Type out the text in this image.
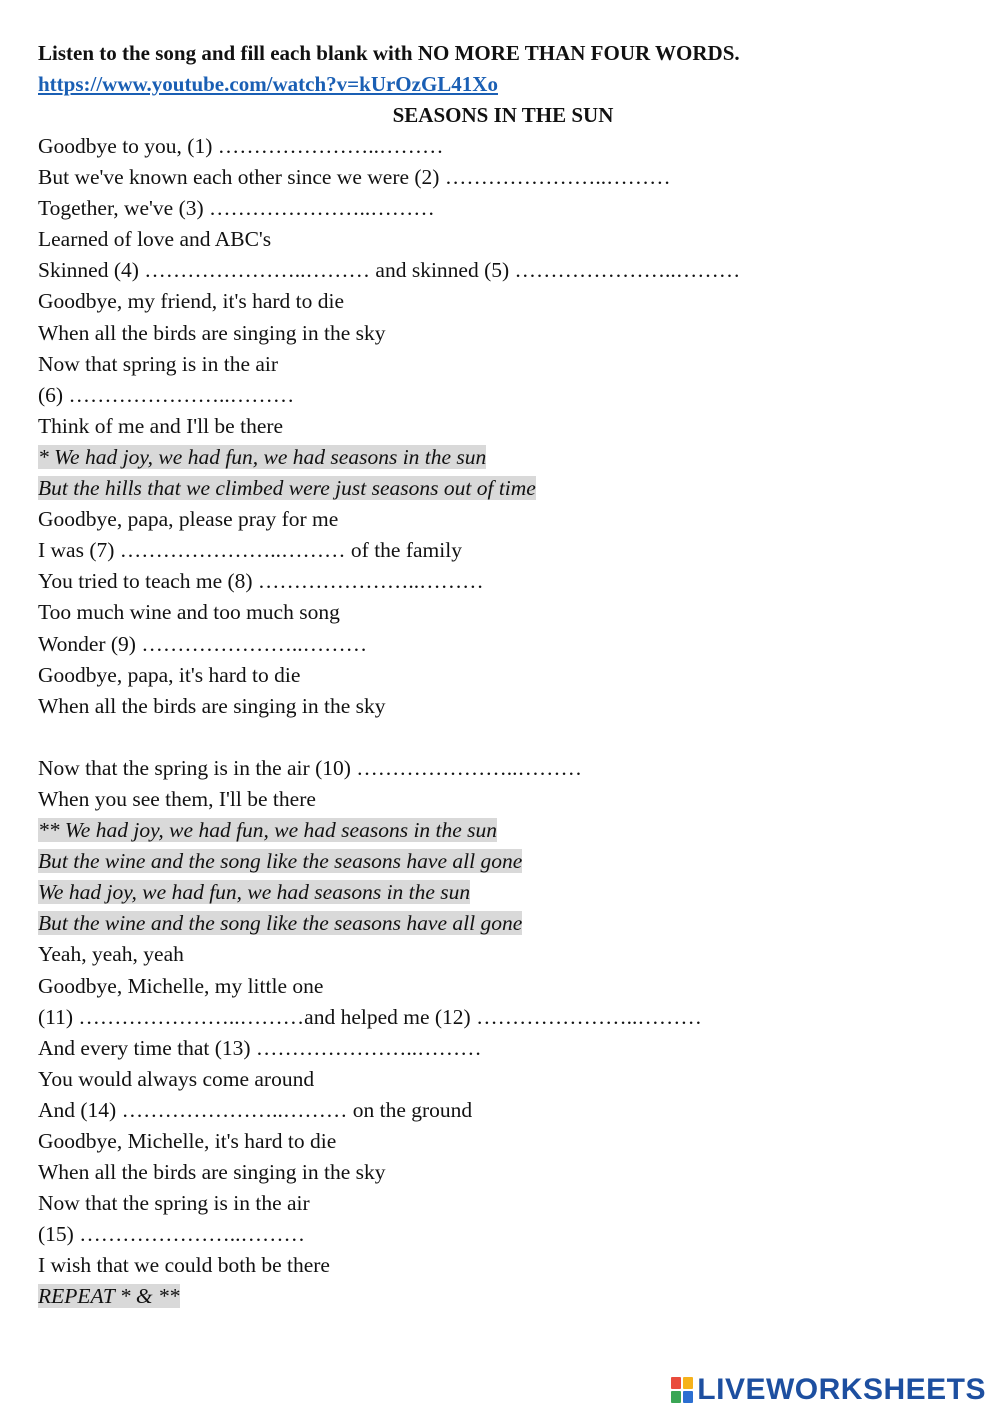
Listen to the song and fill each blank with NO MORE THAN FOUR WORDS.
https://www.youtube.com/watch?v=kUrOzGL41Xo
SEASONS IN THE SUN
Goodbye to you, (1) …………………..………
But we've known each other since we were (2) …………………..………
Together, we've (3) …………………..………
Learned of love and ABC's
Skinned (4) …………………..……… and skinned (5) …………………..………
Goodbye, my friend, it's hard to die
When all the birds are singing in the sky
Now that spring is in the air
(6) …………………..………
Think of me and I'll be there
* We had joy, we had fun, we had seasons in the sun
But the hills that we climbed were just seasons out of time
Goodbye, papa, please pray for me
I was (7) …………………..……… of the family
You tried to teach me (8) …………………..………
Too much wine and too much song
Wonder (9) …………………..………
Goodbye, papa, it's hard to die
When all the birds are singing in the sky
Now that the spring is in the air (10) …………………..………
When you see them, I'll be there
** We had joy, we had fun, we had seasons in the sun
But the wine and the song like the seasons have all gone
We had joy, we had fun, we had seasons in the sun
But the wine and the song like the seasons have all gone
Yeah, yeah, yeah
Goodbye, Michelle, my little one
(11) …………………..………and helped me (12) …………………..………
And every time that (13) …………………..………
You would always come around
And (14) …………………..……… on the ground
Goodbye, Michelle, it's hard to die
When all the birds are singing in the sky
Now that the spring is in the air
(15) …………………..………
I wish that we could both be there
REPEAT * & **
LIVEWORKSHEETS
